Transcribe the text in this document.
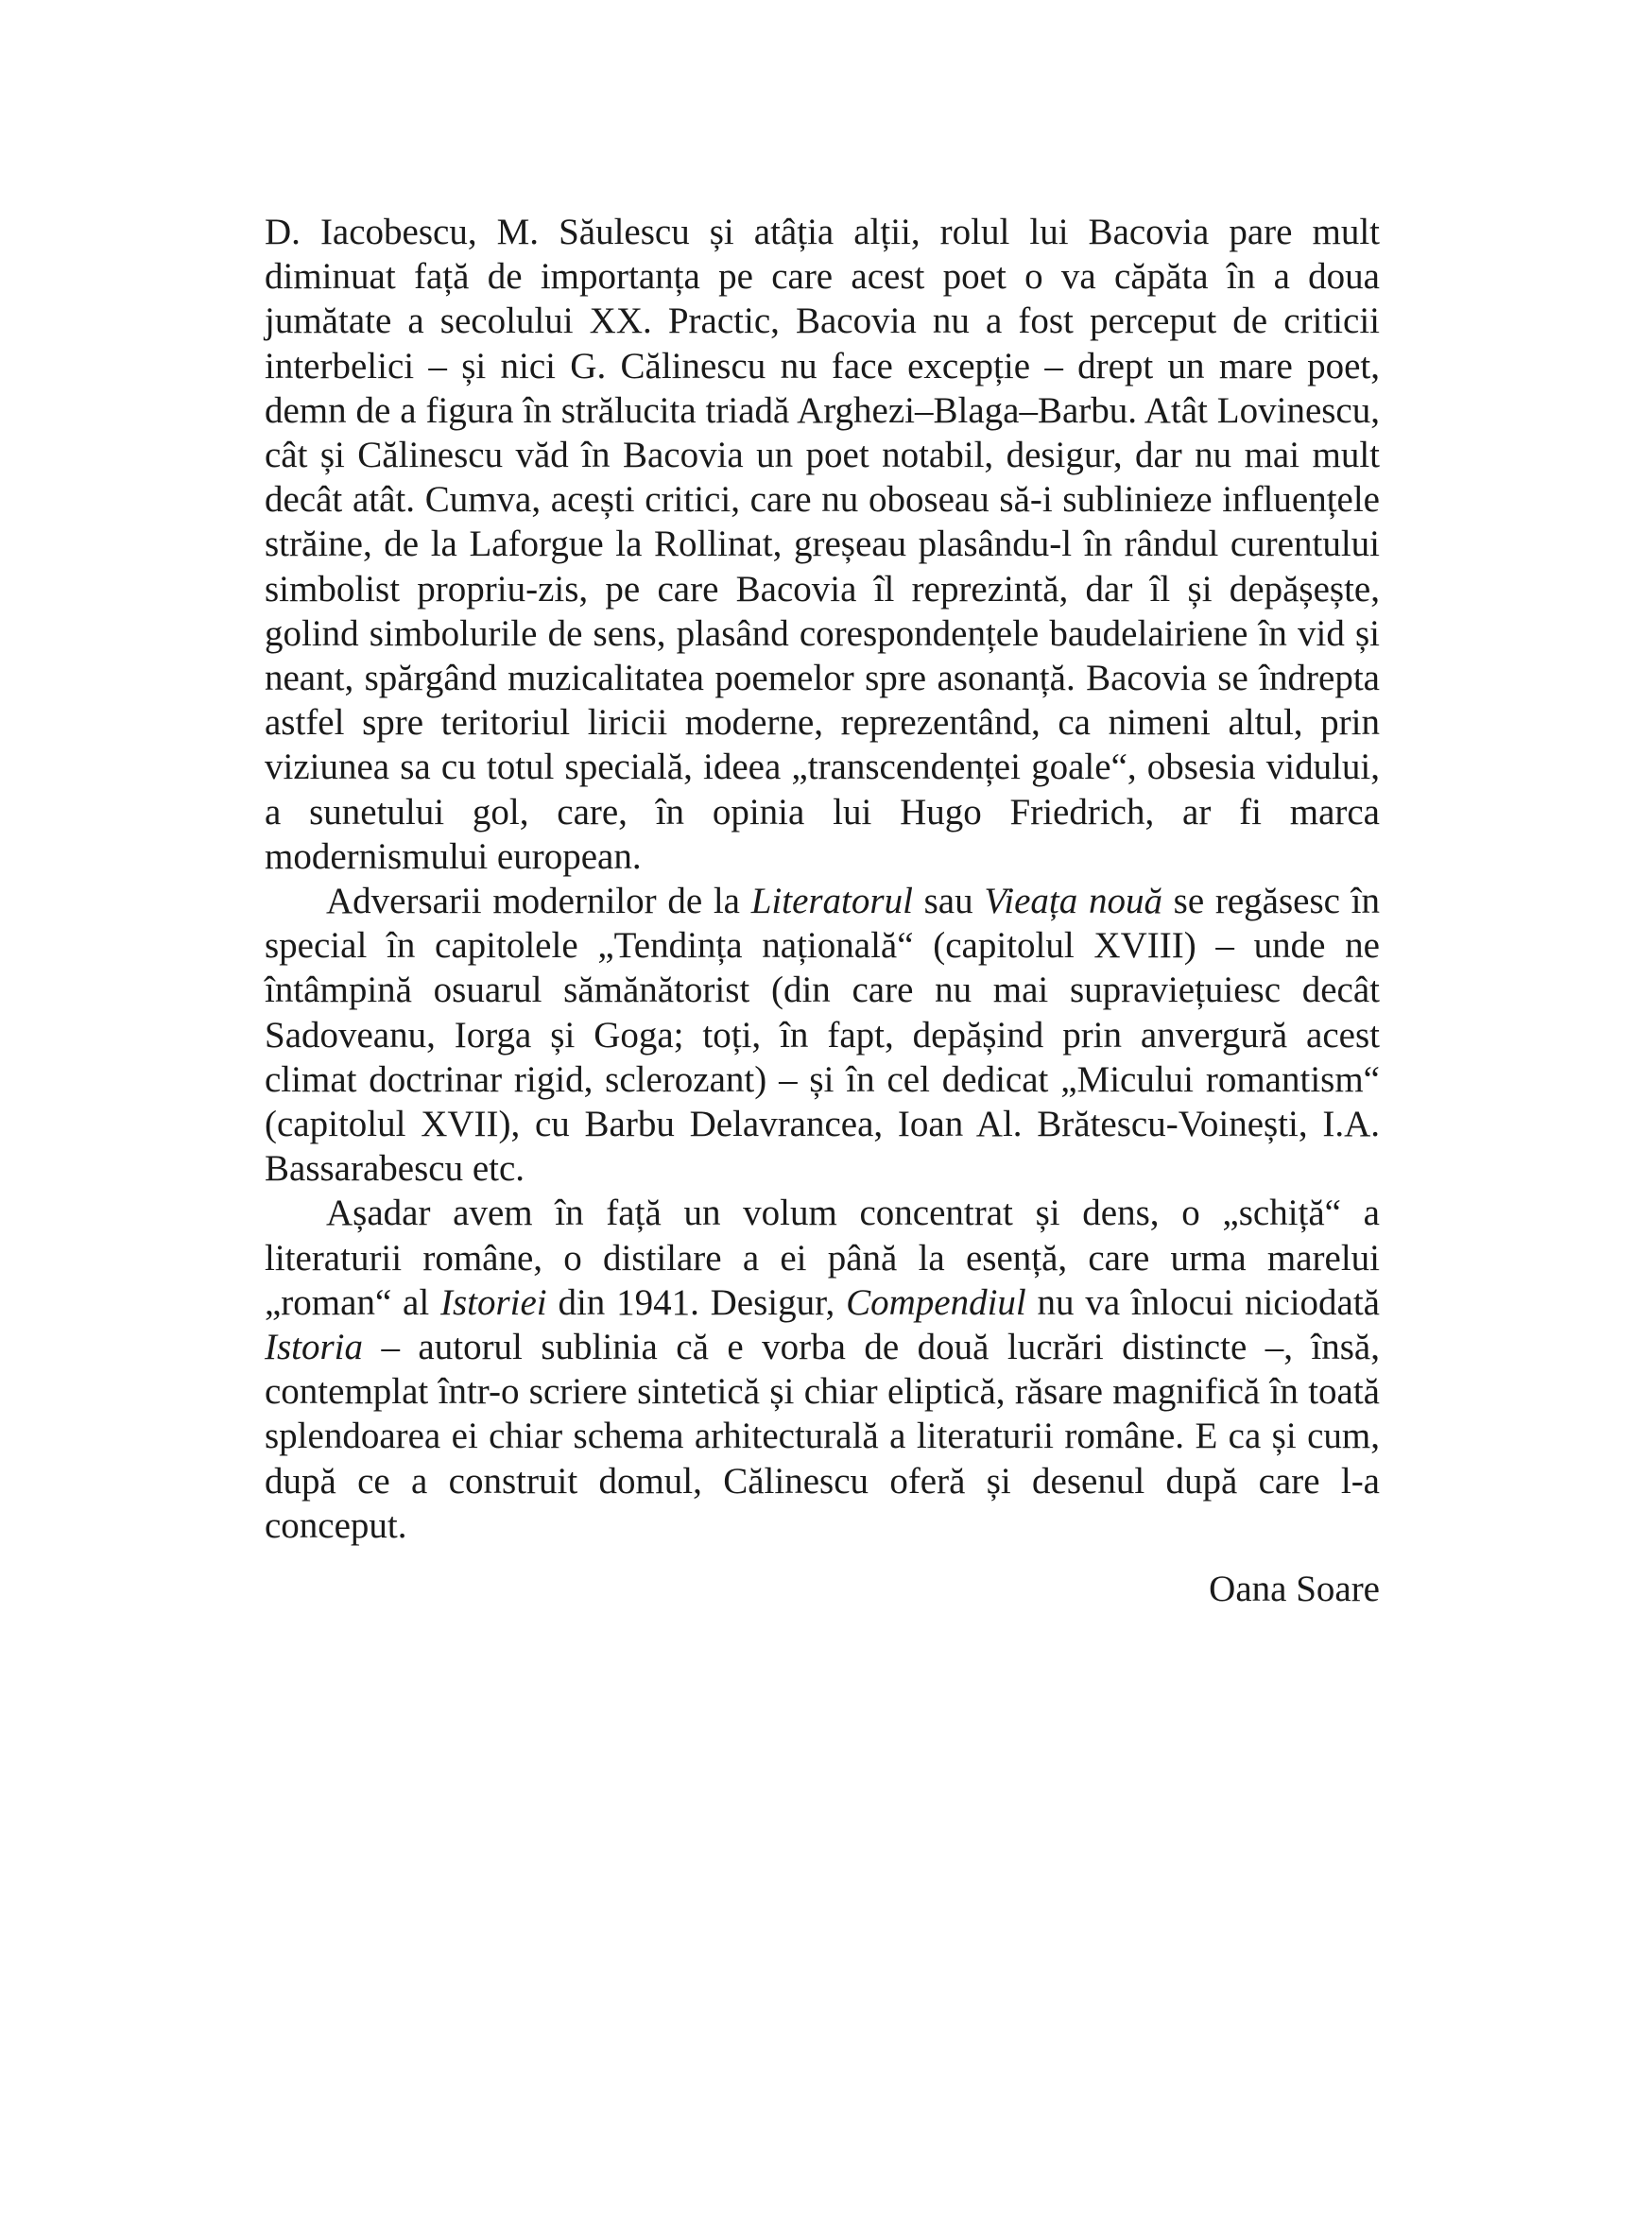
D. Iacobescu, M. Săulescu și atâția alții, rolul lui Bacovia pare mult diminuat față de importanța pe care acest poet o va căpăta în a doua jumătate a secolului XX. Practic, Bacovia nu a fost perceput de criticii interbelici – și nici G. Călinescu nu face excepție – drept un mare poet, demn de a figura în strălucita triadă Arghezi–Blaga–Barbu. Atât Lovinescu, cât și Călinescu văd în Bacovia un poet notabil, desigur, dar nu mai mult decât atât. Cumva, acești critici, care nu oboseau să-i sublinieze influențele străine, de la Laforgue la Rollinat, greșeau plasându-l în rândul curentului simbolist propriu-zis, pe care Bacovia îl reprezintă, dar îl și depășește, golind simbolurile de sens, plasând corespondențele baudelairiene în vid și neant, spărgând muzicalitatea poemelor spre asonanță. Bacovia se îndrepta astfel spre teritoriul liricii moderne, reprezentând, ca nimeni altul, prin viziunea sa cu totul specială, ideea „transcendenței goale“, obsesia vidului, a sunetului gol, care, în opinia lui Hugo Friedrich, ar fi marca modernismului european.

Adversarii modernilor de la Literatorul sau Vieața nouă se regăsesc în special în capitolele „Tendința națională“ (capitolul XVIII) – unde ne întâmpină osuarul sămănătorist (din care nu mai supraviețuiesc decât Sadoveanu, Iorga și Goga; toți, în fapt, depășind prin anvergură acest climat doctrinar rigid, sclerozant) – și în cel dedicat „Micului romantism“ (capitolul XVII), cu Barbu Delavrancea, Ioan Al. Brătescu-Voinești, I.A. Bassarabescu etc.

Așadar avem în față un volum concentrat și dens, o „schiță“ a literaturii române, o distilare a ei până la esență, care urma marelui „roman“ al Istoriei din 1941. Desigur, Compendiul nu va înlocui niciodată Istoria – autorul sublinia că e vorba de două lucrări distincte –, însă, contemplat într-o scriere sintetică și chiar eliptică, răsare magnifică în toată splendoarea ei chiar schema arhitecturală a literaturii române. E ca și cum, după ce a construit domul, Călinescu oferă și desenul după care l-a conceput.

Oana Soare
